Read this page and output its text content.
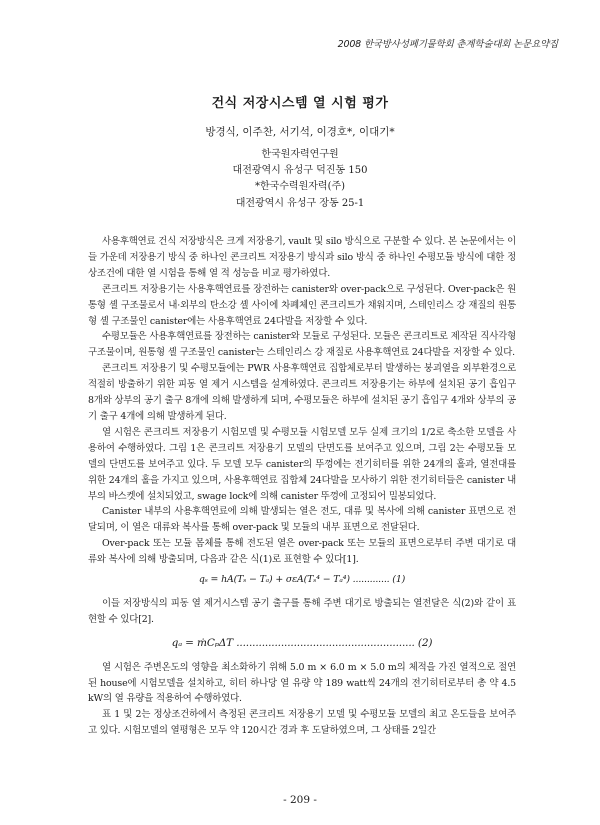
2008 한국방사성폐기물학회 춘계학술대회 논문요약집
건식 저장시스템 열 시험 평가
방경식, 이주찬, 서기석, 이경호*, 이대기*
한국원자력연구원
대전광역시 유성구 덕진동 150
*한국수력원자력(주)
대전광역시 유성구 장동 25-1

사용후핵연료 건식 저장방식은 크게 저장용기, vault 및 silo 방식으로 구분할 수 있다. 본 논문에서는 이들 가운데 저장용기 방식 중 하나인 콘크리트 저장용기 방식과 silo 방식 중 하나인 수평모듈 방식에 대한 정상조건에 대한 열 시험을 통해 열 적 성능을 비교 평가하였다.

콘크리트 저장용기는 사용후핵연료를 장전하는 canister와 over-pack으로 구성된다. Over-pack은 원통형 셸 구조물로서 내·외부의 탄소강 셸 사이에 차폐체인 콘크리트가 채워지며, 스테인리스 강 재질의 원통형 셸 구조물인 canister에는 사용후핵연료 24다발을 저장할 수 있다.

수평모듈은 사용후핵연료를 장전하는 canister와 모듈로 구성된다. 모듈은 콘크리트로 제작된 직사각형 구조물이며, 원통형 셸 구조물인 canister는 스테인리스 강 재질로 사용후핵연료 24다발을 저장할 수 있다.

콘크리트 저장용기 및 수평모듈에는 PWR 사용후핵연료 집합체로부터 발생하는 붕괴열을 외부환경으로 적절히 방출하기 위한 피동 열 제거 시스템을 설계하였다. 콘크리트 저장용기는 하부에 설치된 공기 흡입구 8개와 상부의 공기 출구 8개에 의해 발생하게 되며, 수평모듈은 하부에 설치된 공기 흡입구 4개와 상부의 공기 출구 4개에 의해 발생하게 된다.

열 시험은 콘크리트 저장용기 시험모델 및 수평모듈 시험모델 모두 실제 크기의 1/2로 축소한 모델을 사용하여 수행하였다. 그림 1은 콘크리트 저장용기 모델의 단면도를 보여주고 있으며, 그림 2는 수평모듈 모델의 단면도를 보여주고 있다. 두 모델 모두 canister의 뚜껑에는 전기히터를 위한 24개의 홀과, 열전대를 위한 24개의 홀을 가지고 있으며, 사용후핵연료 집합체 24다발을 모사하기 위한 전기히터들은 canister 내부의 바스켓에 설치되었고, swage lock에 의해 canister 뚜껑에 고정되어 밀봉되었다.

Canister 내부의 사용후핵연료에 의해 발생되는 열은 전도, 대류 및 복사에 의해 canister 표면으로 전달되며, 이 열은 대류와 복사를 통해 over-pack 및 모듈의 내부 표면으로 전달된다.

Over-pack 또는 모듈 몸체를 통해 전도된 열은 over-pack 또는 모듈의 표면으로부터 주변 대기로 대류와 복사에 의해 방출되며, 다음과 같은 식(1)로 표현할 수 있다[1].

qₛ = hA(Tₛ − Tₐ) + σεA(Tₛ⁴ − Tₐ⁴) ............. (1)

이들 저장방식의 피동 열 제거시스템 공기 출구를 통해 주변 대기로 방출되는 열전달은 식(2)와 같이 표현할 수 있다[2].

qₐ = ṁCₚΔT ........................................................ (2)

열 시험은 주변온도의 영향을 최소화하기 위해 5.0 m × 6.0 m × 5.0 m의 체적을 가진 열적으로 절연된 house에 시험모델을 설치하고, 히터 하나당 열 유량 약 189 watt씩 24개의 전기히터로부터 총 약 4.5 kW의 열 유량을 적용하여 수행하였다.

표 1 및 2는 정상조건하에서 측정된 콘크리트 저장용기 모델 및 수평모듈 모델의 최고 온도들을 보여주고 있다. 시험모델의 열평형은 모두 약 120시간 경과 후 도달하였으며, 그 상태를 2일간

- 209 -
